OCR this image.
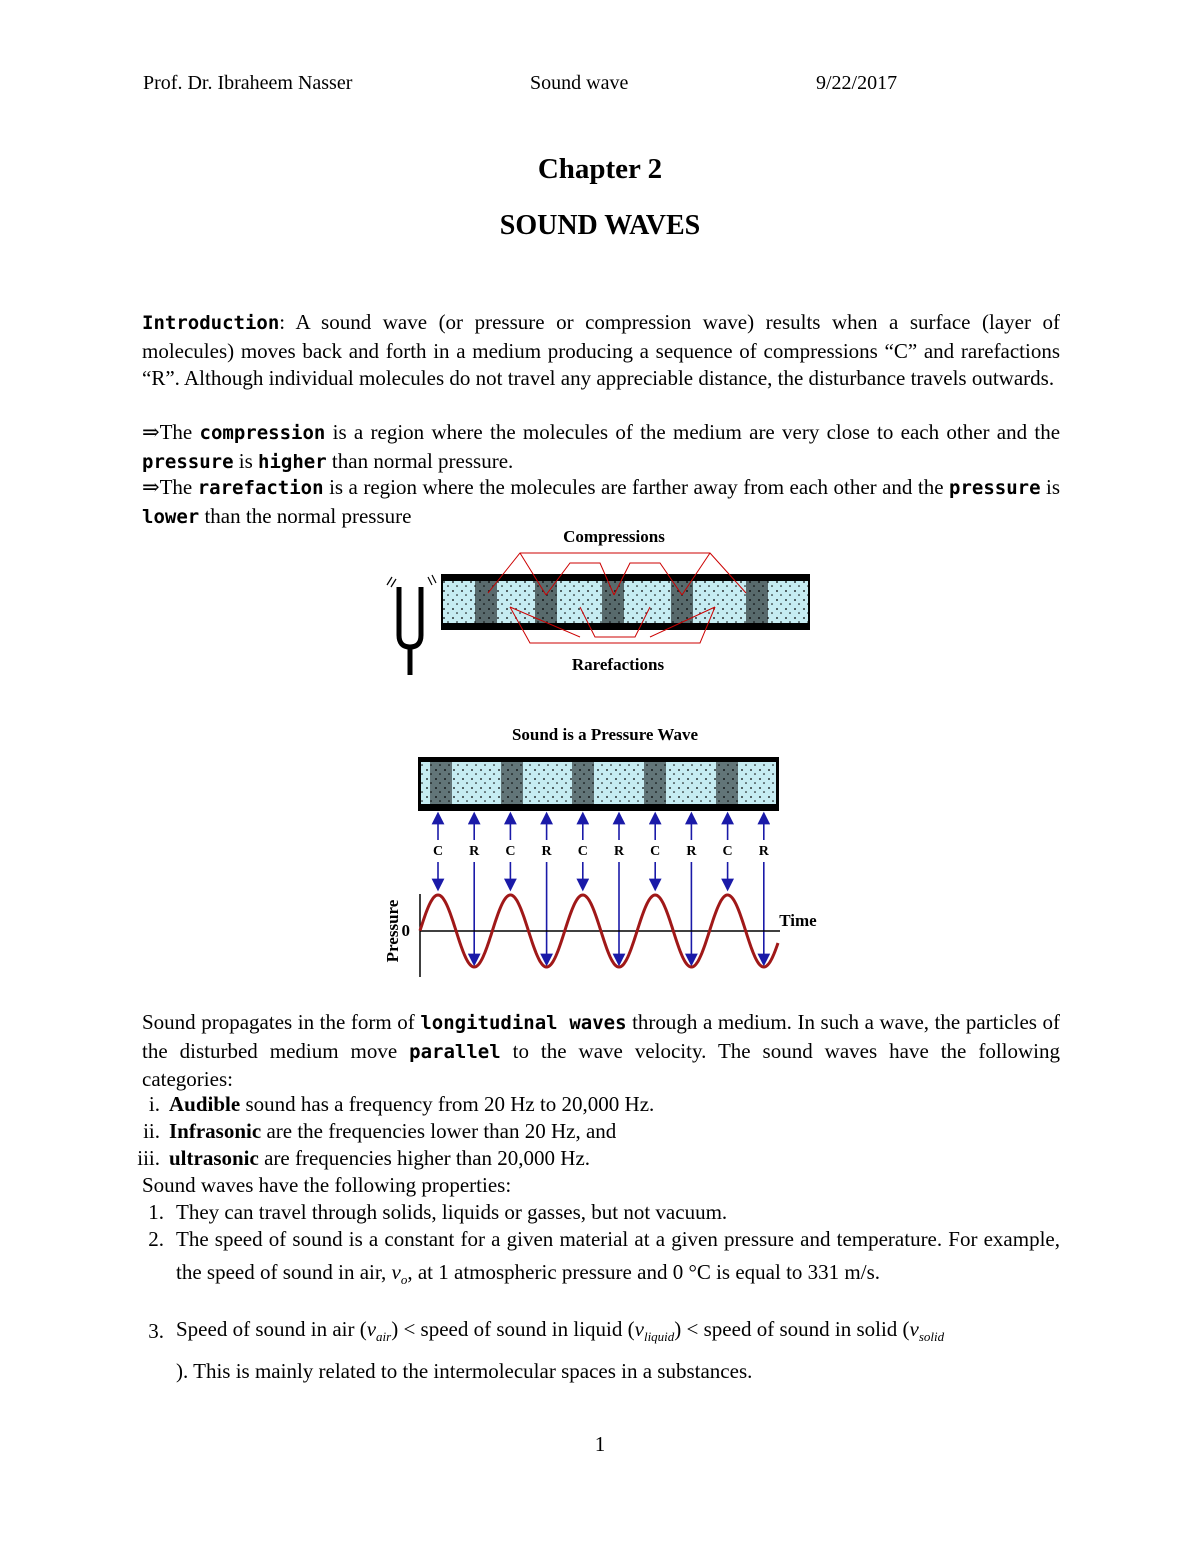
Prof. Dr. Ibraheem Nasser	Sound wave	9/22/2017
Chapter 2
SOUND WAVES
Introduction: A sound wave (or pressure or compression wave) results when a surface (layer of molecules) moves back and forth in a medium producing a sequence of compressions “C” and rarefactions “R”. Although individual molecules do not travel any appreciable distance, the disturbance travels outwards.
⇒The compression is a region where the molecules of the medium are very close to each other and the pressure is higher than normal pressure.
⇒The rarefaction is a region where the molecules are farther away from each other and the pressure is lower than the normal pressure
Compressions
Rarefactions
Sound is a Pressure Wave
C R C R C R C R C R
0
Time
Pressure
Sound propagates in the form of longitudinal waves through a medium. In such a wave, the particles of the disturbed medium move parallel to the wave velocity. The sound waves have the following categories:
i. Audible sound has a frequency from 20 Hz to 20,000 Hz.
ii. Infrasonic are the frequencies lower than 20 Hz, and
iii. ultrasonic are frequencies higher than 20,000 Hz.
Sound waves have the following properties:
1. They can travel through solids, liquids or gasses, but not vacuum.
2. The speed of sound is a constant for a given material at a given pressure and temperature. For example, the speed of sound in air, $v_o$, at 1 atmospheric pressure and 0 °C is equal to 331 m/s.
3. Speed of sound in air $(v_{air})$ < speed of sound in liquid $(v_{liquid})$ < speed of sound in solid ($v_{solid}$
). This is mainly related to the intermolecular spaces in a substances.
1
